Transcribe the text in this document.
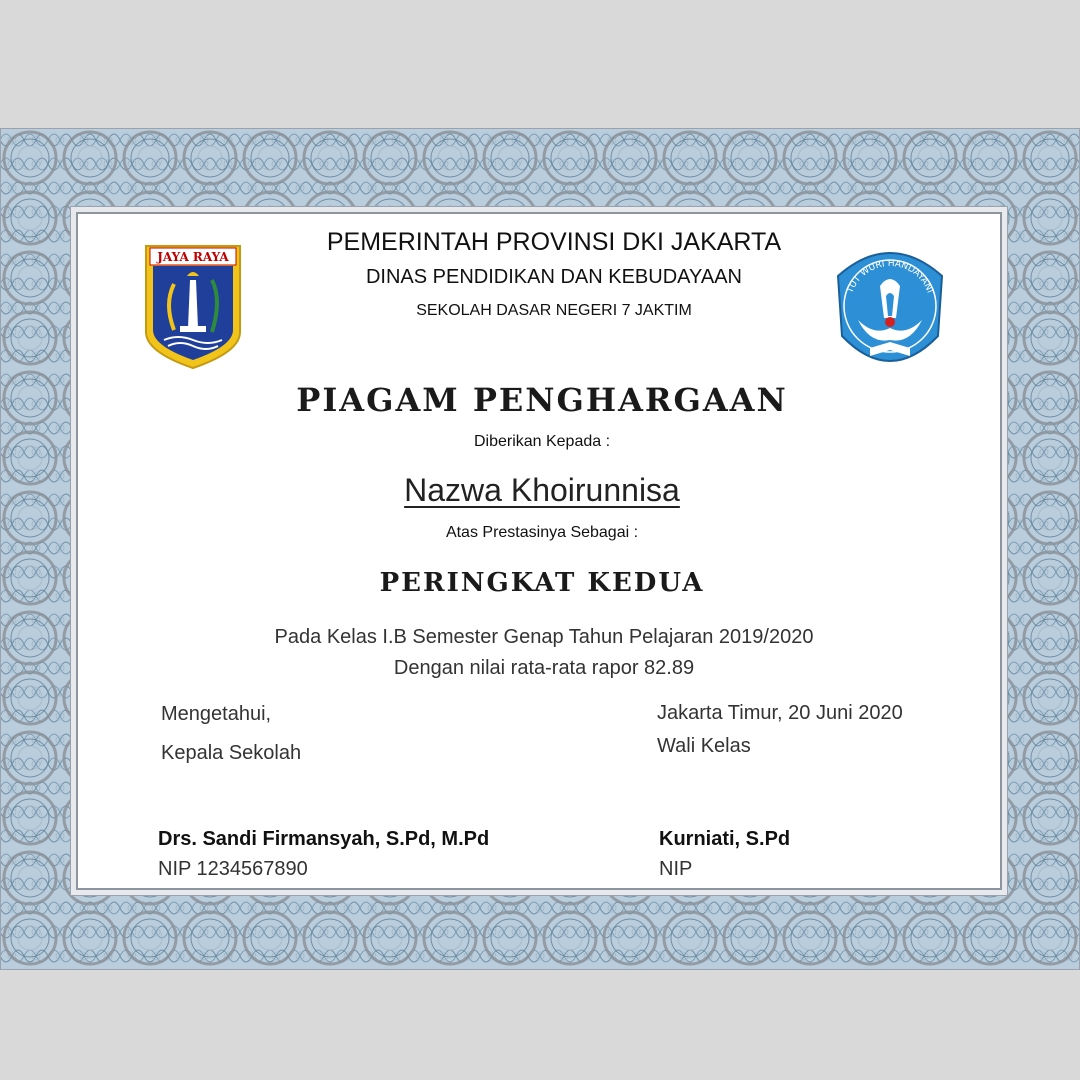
JAYA RAYA
TUT WURI HANDAYANI
PEMERINTAH PROVINSI DKI JAKARTA
DINAS PENDIDIKAN DAN KEBUDAYAAN
SEKOLAH DASAR NEGERI 7 JAKTIM
PIAGAM PENGHARGAAN
Diberikan Kepada :
Nazwa Khoirunnisa
Atas Prestasinya Sebagai :
PERINGKAT KEDUA
Pada Kelas I.B Semester Genap Tahun Pelajaran 2019/2020
Dengan nilai rata-rata rapor 82.89
Mengetahui,
Kepala Sekolah
Drs. Sandi Firmansyah, S.Pd, M.Pd
NIP 1234567890
Jakarta Timur, 20 Juni 2020
Wali Kelas
Kurniati, S.Pd
NIP
